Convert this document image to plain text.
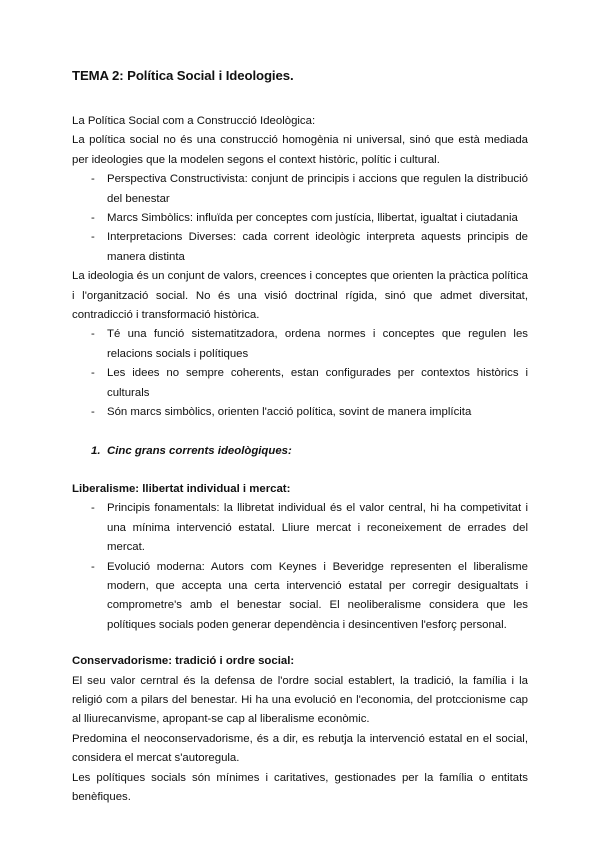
TEMA 2: Política Social i Ideologies.

La Política Social com a Construcció Ideològica:

La política social no és una construcció homogènia ni universal, sinó que està mediada per ideologies que la modelen segons el context històric, polític i cultural.

- Perspectiva Constructivista: conjunt de principis i accions que regulen la distribució del benestar
- Marcs Simbòlics: influïda per conceptes com justícia, llibertat, igualtat i ciutadania
- Interpretacions Diverses: cada corrent ideològic interpreta aquests principis de manera distinta

La ideologia és un conjunt de valors, creences i conceptes que orienten la pràctica política i l'organització social. No és una visió doctrinal rígida, sinó que admet diversitat, contradicció i transformació històrica.

- Té una funció sistematitzadora, ordena normes i conceptes que regulen les relacions socials i polítiques
- Les idees no sempre coherents, estan configurades per contextos històrics i culturals
- Són marcs simbòlics, orienten l'acció política, sovint de manera implícita
1. Cinc grans corrents ideològiques:

Liberalisme: llibertat individual i mercat:

- Principis fonamentals: la llibretat individual és el valor central, hi ha competivitat i una mínima intervenció estatal. Lliure mercat i reconeixement de errades del mercat.
- Evolució moderna: Autors com Keynes i Beveridge representen el liberalisme modern, que accepta una certa intervenció estatal per corregir desigualtats i comprometre's amb el benestar social. El neoliberalisme considera que les polítiques socials poden generar dependència i desincentiven l'esforç personal.

Conservadorisme: tradició i ordre social:

El seu valor cerntral és la defensa de l'ordre social establert, la tradició, la família i la religió com a pilars del benestar. Hi ha una evolució en l'economia, del protccionisme cap al lliurecanvisme, apropant-se cap al liberalisme econòmic.

Predomina el neoconservadorisme, és a dir, es rebutja la intervenció estatal en el social, considera el mercat s'autoregula.

Les polítiques socials són mínimes i caritatives, gestionades per la família o entitats benèfiques.
